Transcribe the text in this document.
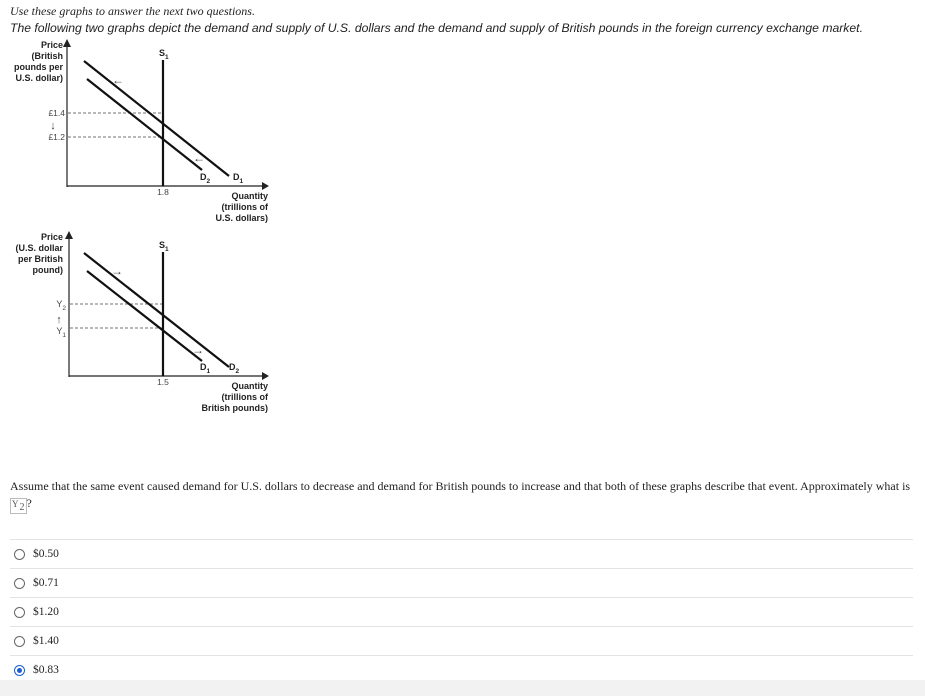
Use these graphs to answer the next two questions.
The following two graphs depict the demand and supply of U.S. dollars and the demand and supply of British pounds in the foreign currency exchange market.
Price
(British
pounds per
U.S. dollar)
£1.4
↓
£1.2
$S_1$
$D_2$	$D_1$
←
←
1.8	Quantity
(trillions of
U.S. dollars)
Price
(U.S. dollar
per British
pound)
$Y_2$
↑
$Y_1$
$S_1$
$D_1$ $D_2$
→
→
1.5	Quantity
(trillions of
British pounds)
Assume that the same event caused demand for U.S. dollars to decrease and demand for British pounds to increase and that both of these graphs describe that event. Approximately what is
Y2 ?
$0.50
$0.71
$1.20
$1.40
$0.83
